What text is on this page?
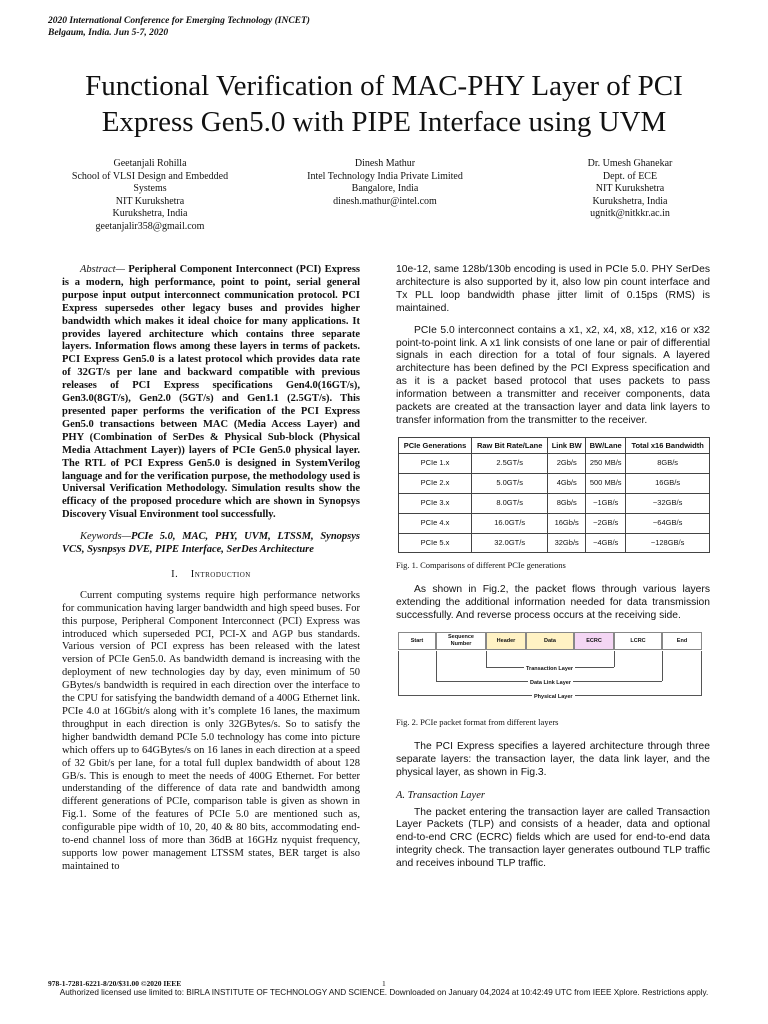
2020 International Conference for Emerging Technology (INCET)
Belgaum, India. Jun 5-7, 2020
Functional Verification of MAC-PHY Layer of PCI
Express Gen5.0 with PIPE Interface using UVM
Geetanjali Rohilla
School of VLSI Design and Embedded
Systems
NIT Kurukshetra
Kurukshetra, India
geetanjalir358@gmail.com
Dinesh Mathur
Intel Technology India Private Limited
Bangalore, India
dinesh.mathur@intel.com
Dr. Umesh Ghanekar
Dept. of ECE
NIT Kurukshetra
Kurukshetra, India
ugnitk@nitkkr.ac.in

Abstract— Peripheral Component Interconnect (PCI) Express is a modern, high performance, point to point, serial general purpose input output interconnect communication protocol. PCI Express supersedes other legacy buses and provides higher bandwidth which makes it ideal choice for many applications. It provides layered architecture which contains three separate layers. Information flows among these layers in terms of packets. PCI Express Gen5.0 is a latest protocol which provides data rate of 32GT/s per lane and backward compatible with previous releases of PCI Express specifications Gen4.0(16GT/s), Gen3.0(8GT/s), Gen2.0 (5GT/s) and Gen1.1 (2.5GT/s). This presented paper performs the verification of the PCI Express Gen5.0 transactions between MAC (Media Access Layer) and PHY (Combination of SerDes & Physical Sub-block (Physical Media Attachment Layer)) layers of PCIe Gen5.0 physical layer. The RTL of PCI Express Gen5.0 is designed in SystemVerilog language and for the verification purpose, the methodology used is Universal Verification Methodology. Simulation results show the efficacy of the proposed procedure which are shown in Synopsys Discovery Visual Environment tool successfully.

Keywords—PCIe 5.0, MAC, PHY, UVM, LTSSM, Synopsys VCS, Sysnpsys DVE, PIPE Interface, SerDes Architecture

I. Introduction

Current computing systems require high performance networks for communication having larger bandwidth and high speed buses. For this purpose, Peripheral Component Interconnect (PCI) Express was introduced which superseded PCI, PCI-X and AGP bus standards. Various version of PCI express has been released with the latest version of PCIe Gen5.0. As bandwidth demand is increasing with the deployment of new technologies day by day, even minimum of 50 GBytes/s bandwidth is required in each direction over the interface to the CPU for satisfying the bandwidth demand of a 400G Ethernet link. PCIe 4.0 at 16Gbit/s along with it’s complete 16 lanes, the maximum throughput in each direction is only 32GBytes/s. So to satisfy the higher bandwidth demand PCIe 5.0 technology has come into picture which offers up to 64GBytes/s on 16 lanes in each direction at a speed of 32 Gbit/s per lane, for a total full duplex bandwidth of about 128 GB/s. This is enough to meet the needs of 400G Ethernet. For better understanding of the difference of data rate and bandwidth among different generations of PCIe, comparison table is given as shown in Fig.1. Some of the features of PCIe 5.0 are mentioned such as, configurable pipe width of 10, 20, 40 & 80 bits, accommodating end-to-end channel loss of more than 36dB at 16GHz nyquist frequency, supports low power management LTSSM states, BER target is also maintained to

10e-12, same 128b/130b encoding is used in PCIe 5.0. PHY SerDes architecture is also supported by it, also low pin count interface and Tx PLL loop bandwidth phase jitter limit of 0.15ps (RMS) is maintained.

PCIe 5.0 interconnect contains a x1, x2, x4, x8, x12, x16 or x32 point-to-point link. A x1 link consists of one lane or pair of differential signals in each direction for a total of four signals. A layered architecture has been defined by the PCI Express specification and as it is a packet based protocol that uses packets to pass information between a transmitter and receiver components, data packets are created at the transaction layer and data link layers to transfer information from the transmitter to the receiver.

PCIe Generations	Raw Bit Rate/Lane	Link BW	BW/Lane	Total x16 Bandwidth
PCIe 1.x	2.5GT/s	2Gb/s	250 MB/s	8GB/s
PCIe 2.x	5.0GT/s	4Gb/s	500 MB/s	16GB/s
PCIe 3.x	8.0GT/s	8Gb/s	~1GB/s	~32GB/s
PCIe 4.x	16.0GT/s	16Gb/s	~2GB/s	~64GB/s
PCIe 5.x	32.0GT/s	32Gb/s	~4GB/s	~128GB/s
Fig. 1. Comparisons of different PCIe generations

As shown in Fig.2, the packet flows through various layers extending the additional information needed for data transmission successfully. And reverse process occurs at the receiving side.

Start
Sequence Number
Header	Data	ECRC	LCRC	End
Transaction Layer
Data Link Layer
Physical Layer
Fig. 2. PCIe packet format from different layers

The PCI Express specifies a layered architecture through three separate layers: the transaction layer, the data link layer, and the physical layer, as shown in Fig.3.

A. Transaction Layer

The packet entering the transaction layer are called Transaction Layer Packets (TLP) and consists of a header, data and optional end-to-end CRC (ECRC) fields which are used for end-to-end data integrity check. The transaction layer generates outbound TLP traffic and receives inbound TLP traffic.

978-1-7281-6221-8/20/$31.00 ©2020 IEEE	1
Authorized licensed use limited to: BIRLA INSTITUTE OF TECHNOLOGY AND SCIENCE. Downloaded on January 04,2024 at 10:42:49 UTC from IEEE Xplore. Restrictions apply.
